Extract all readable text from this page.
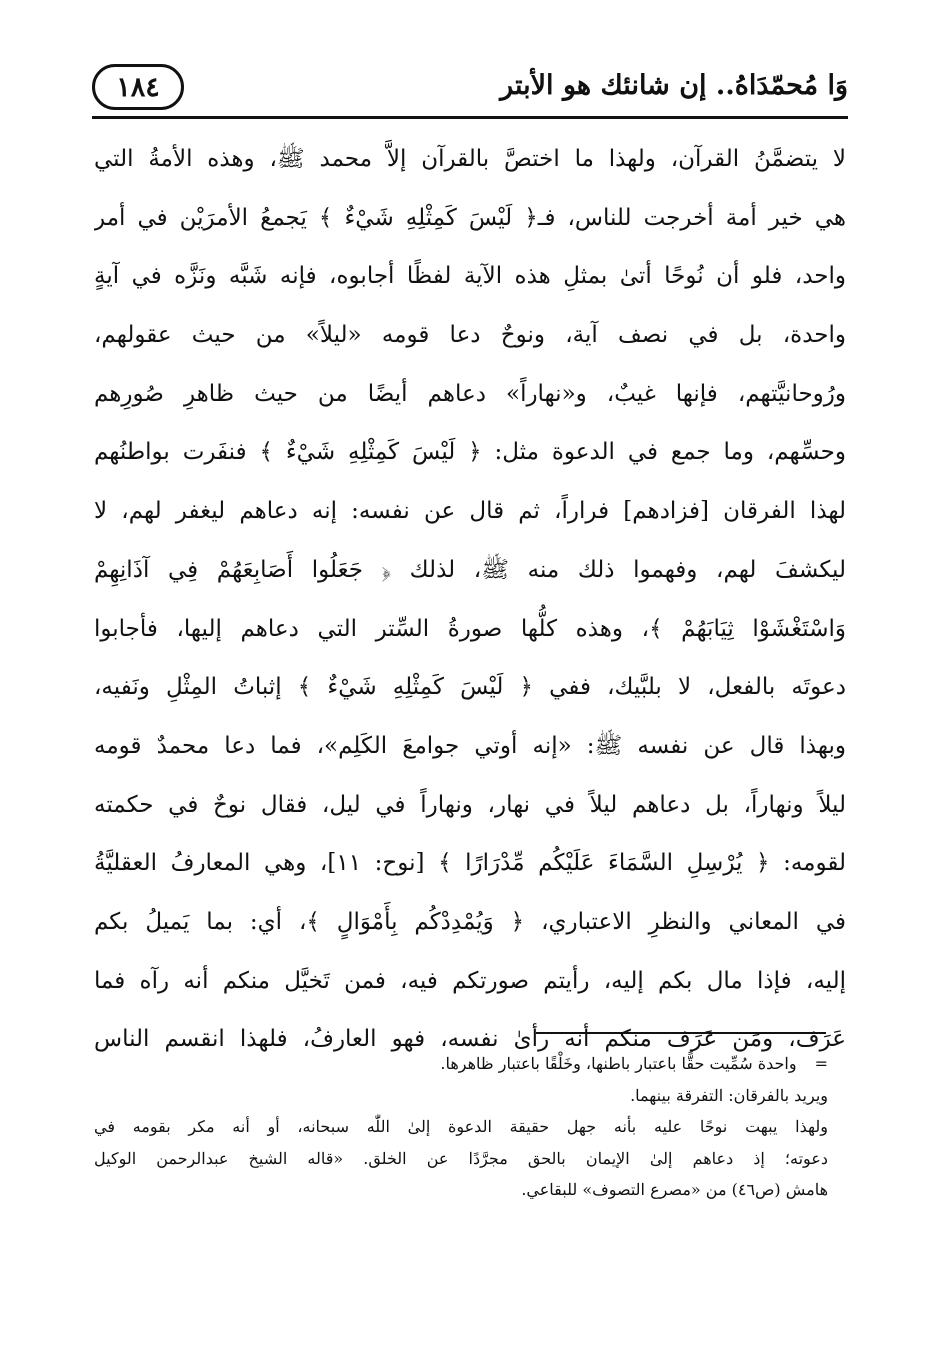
وَا مُحمّدَاهُ.. إن شانئك هو الأبتر
١٨٤
لا يتضمَّنُ القرآن، ولهذا ما اختصَّ بالقرآن إلاَّ محمد ﷺ، وهذه الأمةُ التي
هي خير أمة أخرجت للناس، فـ﴿ لَيْسَ كَمِثْلِهِ شَيْءٌ ﴾ يَجمعُ الأمرَيْن في أمر
واحد، فلو أن نُوحًا أتىٰ بمثلِ هذه الآية لفظًا أجابوه، فإنه شَبَّه ونَزَّه في آيةٍ
واحدة، بل في نصف آية، ونوحٌ دعا قومه «ليلاً» من حيث عقولهم،
ورُوحانيَّتهم، فإنها غيبٌ، و«نهاراً» دعاهم أيضًا من حيث ظاهرِ صُورِهم
وحسِّهم، وما جمع في الدعوة مثل: ﴿ لَيْسَ كَمِثْلِهِ شَيْءٌ ﴾ فنفَرت بواطنُهم
لهذا الفرقان [فزادهم] فراراً، ثم قال عن نفسه: إنه دعاهم ليغفر لهم، لا
ليكشفَ لهم، وفهموا ذلك منه ﷺ، لذلك ﴿ جَعَلُوا أَصَابِعَهُمْ فِي آذَانِهِمْ
وَاسْتَغْشَوْا ثِيَابَهُمْ ﴾، وهذه كلُّها صورةُ السِّتر التي دعاهم إليها، فأجابوا
دعوتَه بالفعل، لا بلبَّيك، ففي ﴿ لَيْسَ كَمِثْلِهِ شَيْءٌ ﴾ إثباتُ المِثْلِ ونَفيه،
وبهذا قال عن نفسه ﷺ: «إنه أوتي جوامعَ الكَلِم»، فما دعا محمدٌ قومه
ليلاً ونهاراً، بل دعاهم ليلاً في نهار، ونهاراً في ليل، فقال نوحٌ في حكمته
لقومه: ﴿ يُرْسِلِ السَّمَاءَ عَلَيْكُم مِّدْرَارًا ﴾ [نوح: ١١]، وهي المعارفُ العقليَّةُ
في المعاني والنظرِ الاعتباري، ﴿ وَيُمْدِدْكُم بِأَمْوَالٍ ﴾، أي: بما يَميلُ بكم
إليه، فإذا مال بكم إليه، رأيتم صورتكم فيه، فمن تَخيَّل منكم أنه رآه فما
عَرَف، ومَن عَرَف منكم أنه رأىٰ نفسه، فهو العارفُ، فلهذا انقسم الناس
=واحدة سُمِّيت حقًّا باعتبار باطنها، وخَلْقًا باعتبار ظاهرها.
ويريد بالفرقان: التفرقة بينهما.
ولهذا يبهت نوحًا عليه بأنه جهل حقيقة الدعوة إلىٰ اللّٰه سبحانه، أو أنه مكر بقومه في
دعوته؛ إذ دعاهم إلىٰ الإيمان بالحق مجرَّدًا عن الخلق. «قاله الشيخ عبدالرحمن الوكيل
هامش (ص٤٦) من «مصرع التصوف» للبقاعي.
